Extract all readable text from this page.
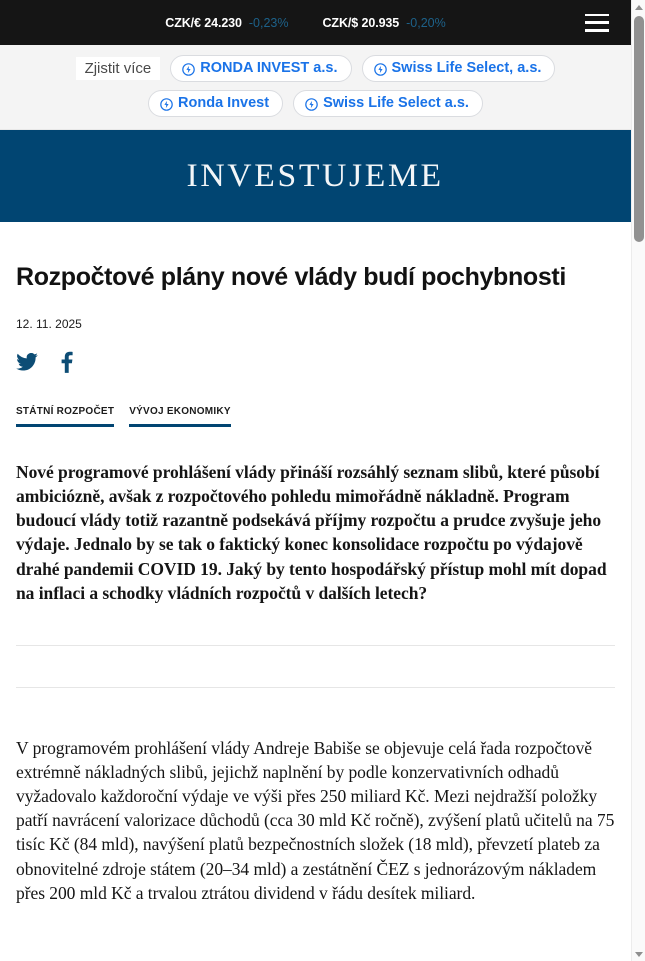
CZK/€ 24.230 -0,23%	CZK/$ 20.935 -0,20%
Zjistit více	RONDA INVEST a.s.	Swiss Life Select, a.s.
Ronda Invest	Swiss Life Select a.s.
INVESTUJEME
Rozpočtové plány nové vlády budí pochybnosti
12. 11. 2025
STÁTNÍ ROZPOČET VÝVOJ EKONOMIKY

Nové programové prohlášení vlády přináší rozsáhlý seznam slibů, které působí ambiciózně, avšak z rozpočtového pohledu mimořádně nákladně. Program budoucí vlády totiž razantně podsekává příjmy rozpočtu a prudce zvyšuje jeho výdaje. Jednalo by se tak o faktický konec konsolidace rozpočtu po výdajově drahé pandemii COVID 19. Jaký by tento hospodářský přístup mohl mít dopad na inflaci a schodky vládních rozpočtů v dalších letech?

V programovém prohlášení vlády Andreje Babiše se objevuje celá řada rozpočtově extrémně nákladných slibů, jejichž naplnění by podle konzervativních odhadů vyžadovalo každoroční výdaje ve výši přes 250 miliard Kč. Mezi nejdražší položky patří navrácení valorizace důchodů (cca 30 mld Kč ročně), zvýšení platů učitelů na 75 tisíc Kč (84 mld), navýšení platů bezpečnostních složek (18 mld), převzetí plateb za obnovitelné zdroje státem (20–34 mld) a zestátnění ČEZ s jednorázovým nákladem přes 200 mld Kč a trvalou ztrátou dividend v řádu desítek miliard.
